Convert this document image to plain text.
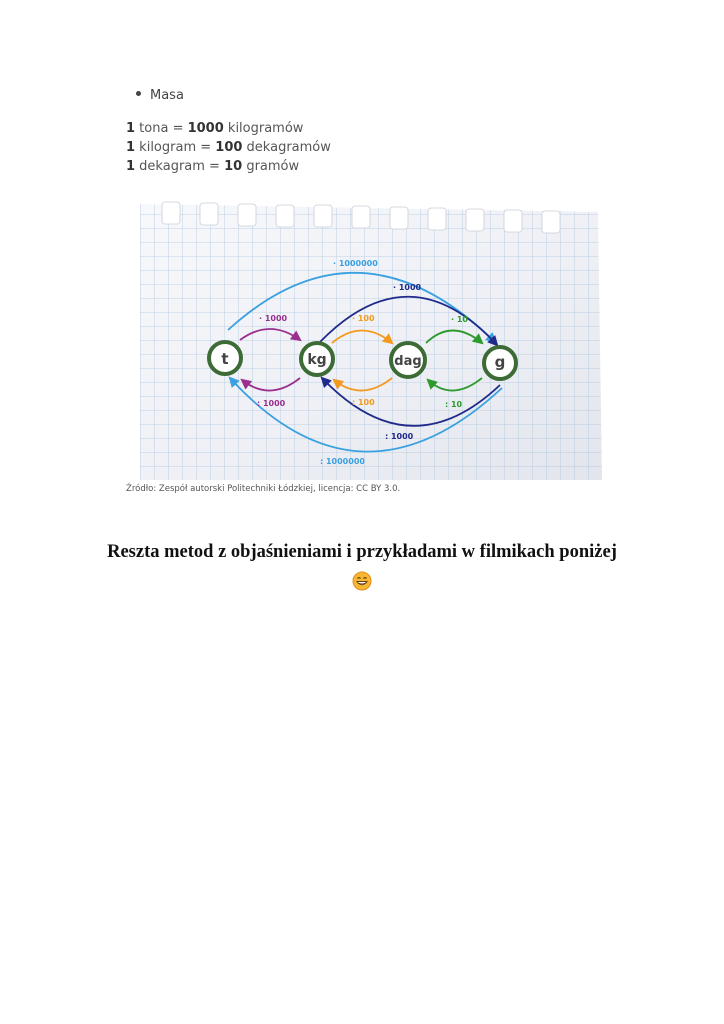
Masa
1 tona = 1000 kilogramów
1 kilogram = 100 dekagramów
1 dekagram = 10 gramów
· 1000000
· 1000
· 1000	· 100	· 10
: 1000	: 100	: 10
: 1000
: 1000000
t	kg	dag	g
Źródło: Zespół autorski Politechniki Łódzkiej, licencja: CC BY 3.0.
Reszta metod z objaśnieniami i przykładami w filmikach poniżej
